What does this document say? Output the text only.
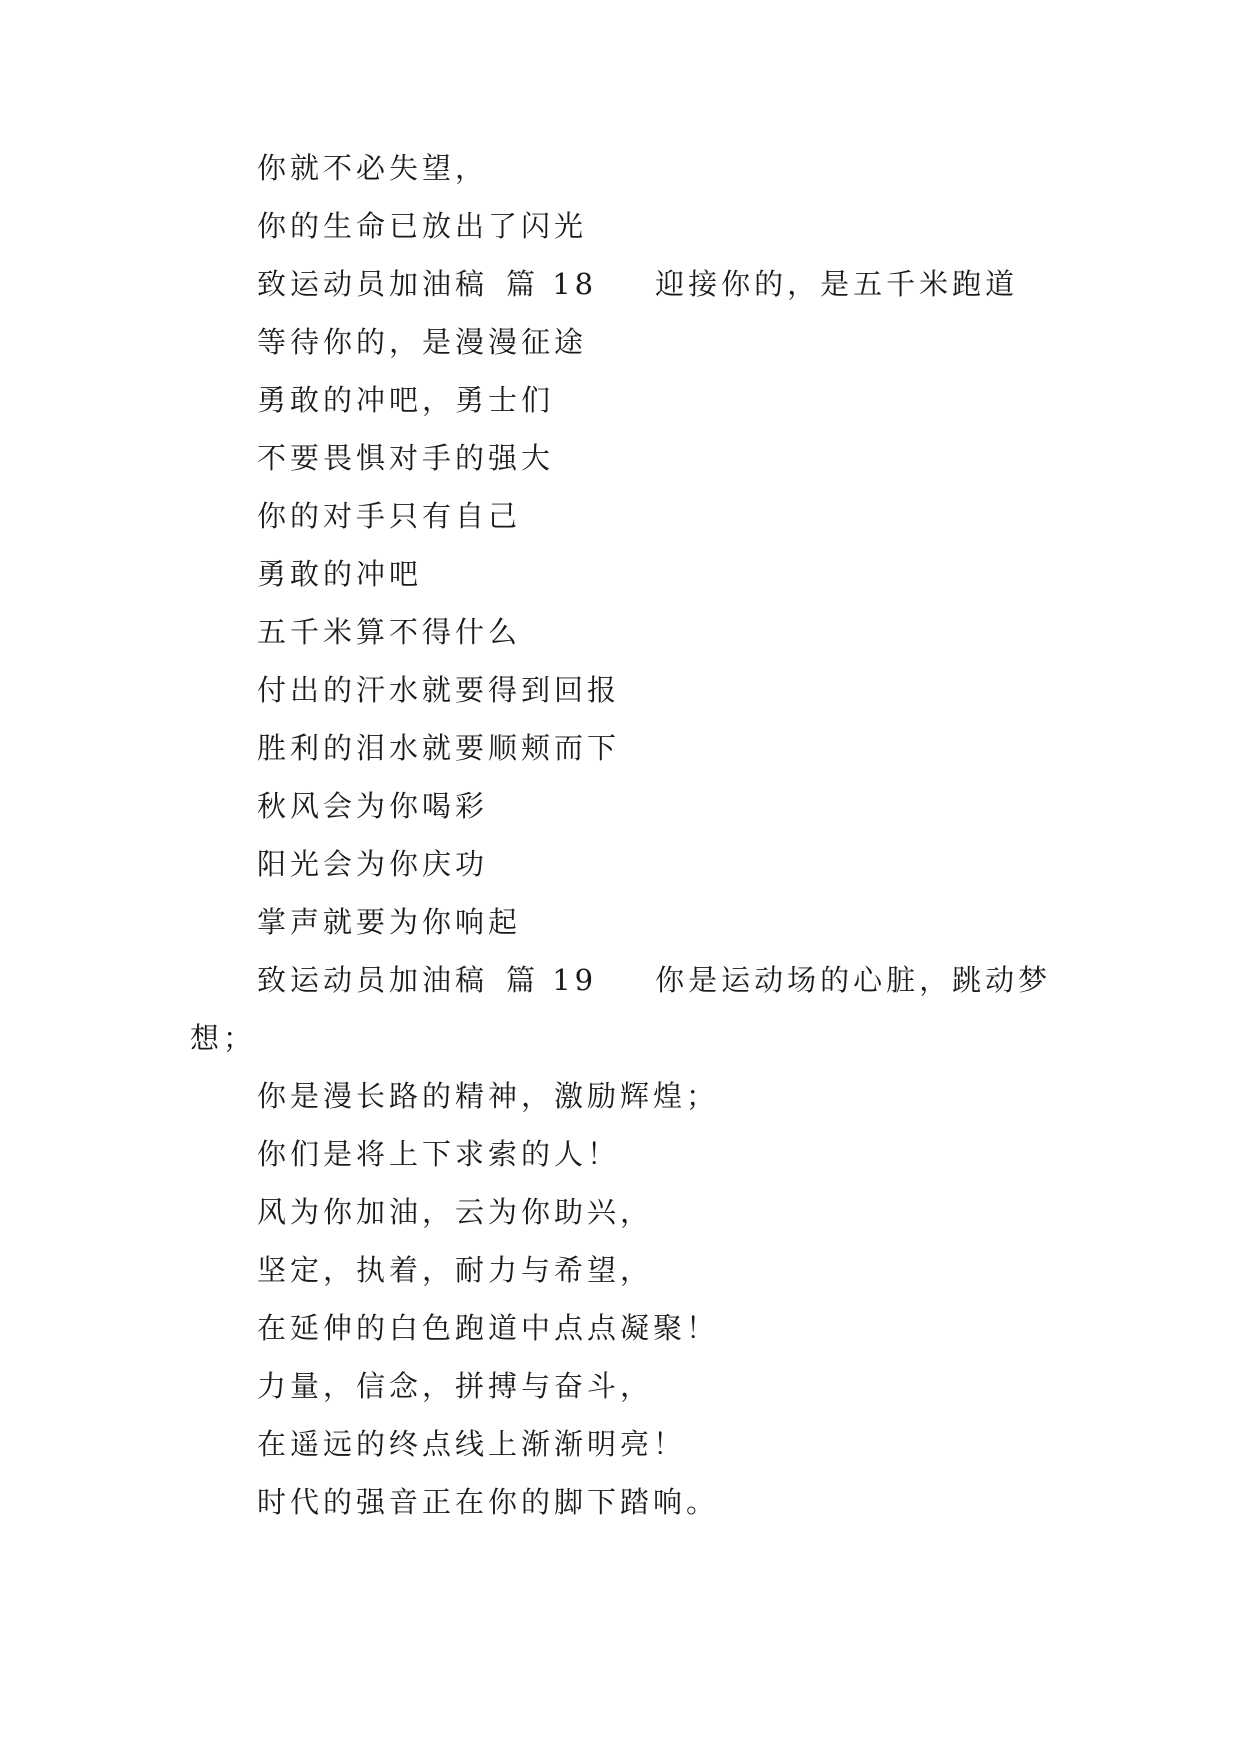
你就不必失望，
你的生命已放出了闪光
致运动员加油稿 篇 18 迎接你的，是五千米跑道
等待你的，是漫漫征途
勇敢的冲吧，勇士们
不要畏惧对手的强大
你的对手只有自己
勇敢的冲吧
五千米算不得什么
付出的汗水就要得到回报
胜利的泪水就要顺颊而下
秋风会为你喝彩
阳光会为你庆功
掌声就要为你响起
致运动员加油稿 篇 19 你是运动场的心脏，跳动梦
想；
你是漫长路的精神，激励辉煌；
你们是将上下求索的人！
风为你加油，云为你助兴，
坚定，执着，耐力与希望，
在延伸的白色跑道中点点凝聚！
力量，信念，拼搏与奋斗，
在遥远的终点线上渐渐明亮！
时代的强音正在你的脚下踏响。
